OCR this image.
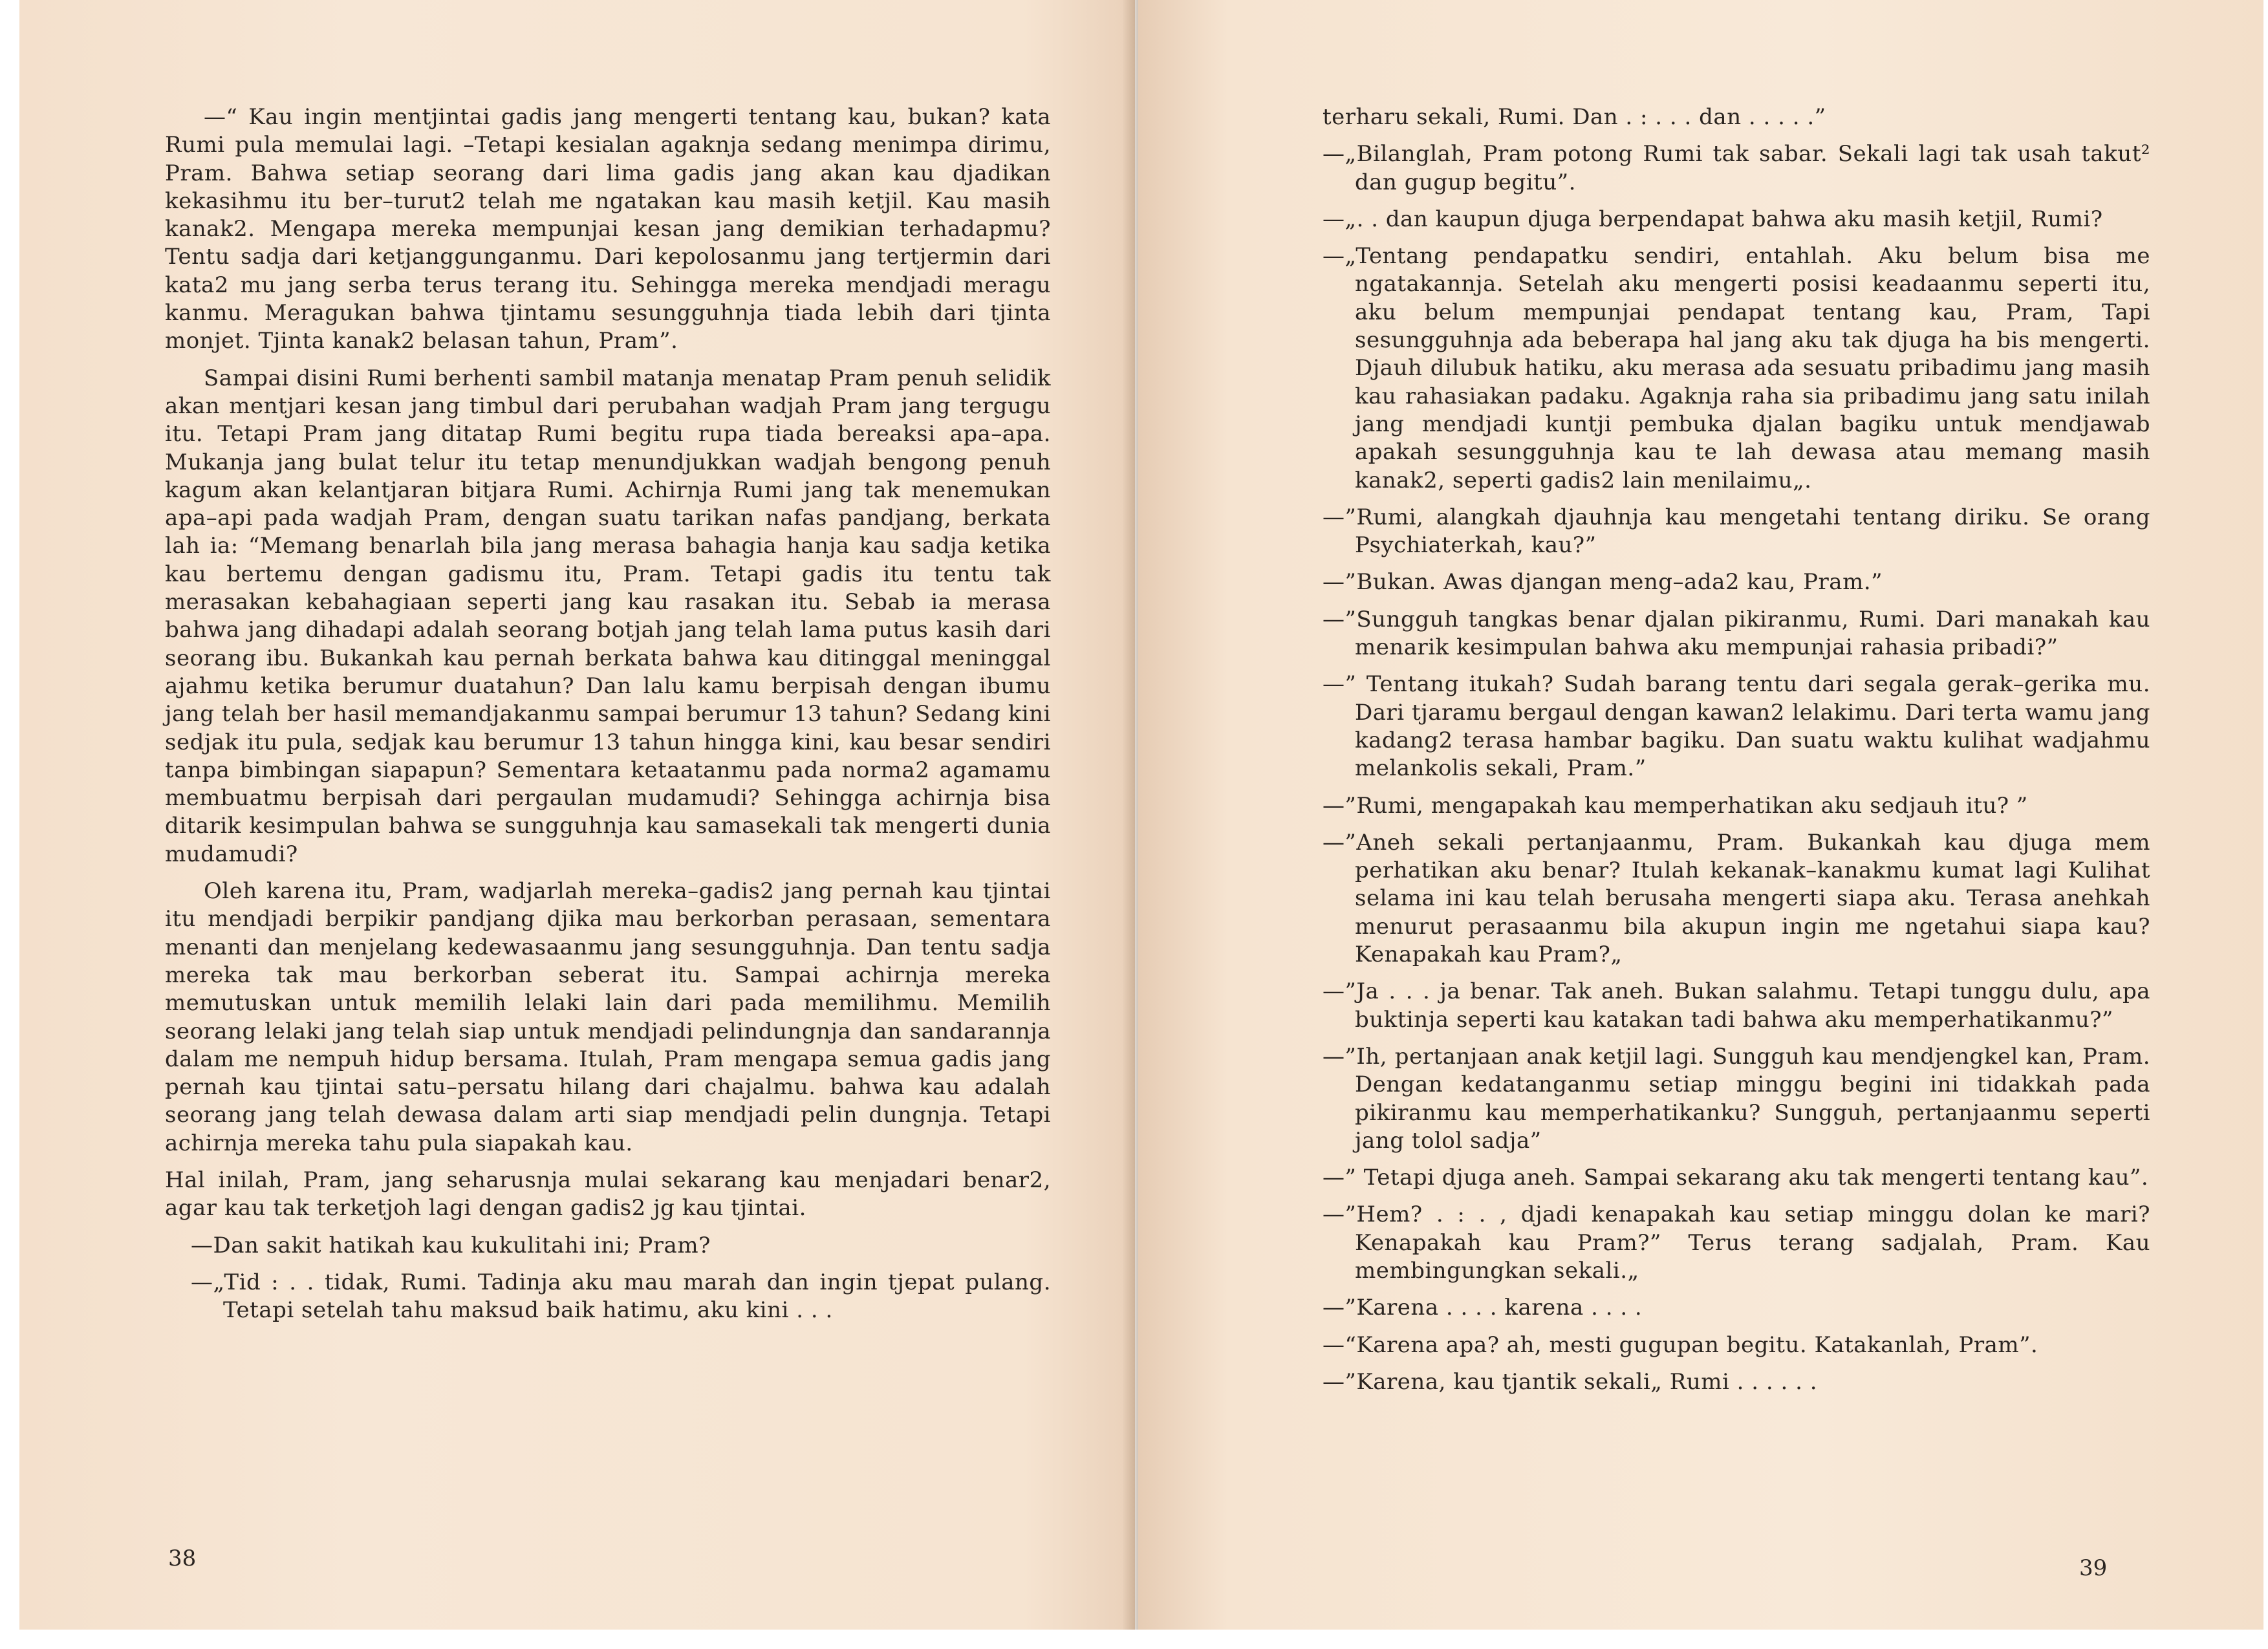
—“ Kau ingin mentjintai gadis jang mengerti tentang kau, bukan? kata Rumi pula memulai lagi. –Tetapi kesialan agaknja sedang menimpa dirimu, Pram. Bahwa setiap seorang dari lima gadis jang akan kau djadikan kekasihmu itu ber–turut2 telah me ngatakan kau masih ketjil. Kau masih kanak2. Mengapa mereka mempunjai kesan jang demikian terhadapmu? Tentu sadja dari ketjanggunganmu. Dari kepolosanmu jang tertjermin dari kata2 mu jang serba terus terang itu. Sehingga mereka mendjadi meragu kanmu. Meragukan bahwa tjintamu sesungguhnja tiada lebih dari tjinta monjet. Tjinta kanak2 belasan tahun, Pram”.

Sampai disini Rumi berhenti sambil matanja menatap Pram penuh selidik akan mentjari kesan jang timbul dari perubahan wadjah Pram jang tergugu itu. Tetapi Pram jang ditatap Rumi begitu rupa tiada bereaksi apa–apa. Mukanja jang bulat telur itu tetap menundjukkan wadjah bengong penuh kagum akan kelantjaran bitjara Rumi. Achirnja Rumi jang tak menemukan apa–api pada wadjah Pram, dengan suatu tarikan nafas pandjang, berkata lah ia: “Memang benarlah bila jang merasa bahagia hanja kau sadja ketika kau bertemu dengan gadismu itu, Pram. Tetapi gadis itu tentu tak merasakan kebahagiaan seperti jang kau rasakan itu. Sebab ia merasa bahwa jang dihadapi adalah seorang botjah jang telah lama putus kasih dari seorang ibu. Bukankah kau pernah berkata bahwa kau ditinggal meninggal ajahmu ketika berumur duatahun? Dan lalu kamu berpisah dengan ibumu jang telah ber hasil memandjakanmu sampai berumur 13 tahun? Sedang kini sedjak itu pula, sedjak kau berumur 13 tahun hingga kini, kau besar sendiri tanpa bimbingan siapapun? Sementara ketaatanmu pada norma2 agamamu membuatmu berpisah dari pergaulan mudamudi? Sehingga achirnja bisa ditarik kesimpulan bahwa se sungguhnja kau samasekali tak mengerti dunia mudamudi?

Oleh karena itu, Pram, wadjarlah mereka–gadis2 jang pernah kau tjintai itu mendjadi berpikir pandjang djika mau berkorban perasaan, sementara menanti dan menjelang kedewasaanmu jang sesungguhnja. Dan tentu sadja mereka tak mau berkorban seberat itu. Sampai achirnja mereka memutuskan untuk memilih lelaki lain dari pada memilihmu. Memilih seorang lelaki jang telah siap untuk mendjadi pelindungnja dan sandarannja dalam me nempuh hidup bersama. Itulah, Pram mengapa semua gadis jang pernah kau tjintai satu–persatu hilang dari chajalmu. bahwa kau adalah seorang jang telah dewasa dalam arti siap mendjadi pelin dungnja. Tetapi achirnja mereka tahu pula siapakah kau.

Hal inilah, Pram, jang seharusnja mulai sekarang kau menjadari benar2, agar kau tak terketjoh lagi dengan gadis2 jg kau tjintai.

—Dan sakit hatikah kau kukulitahi ini; Pram?

—„Tid : . . tidak, Rumi. Tadinja aku mau marah dan ingin tjepat pulang. Tetapi setelah tahu maksud baik hatimu, aku kini . . .

38

terharu sekali, Rumi. Dan . : . . . dan . . . . .”

—„Bilanglah, Pram potong Rumi tak sabar. Sekali lagi tak usah takut² dan gugup begitu”.

—„. . dan kaupun djuga berpendapat bahwa aku masih ketjil, Rumi?

—„Tentang pendapatku sendiri, entahlah. Aku belum bisa me ngatakannja. Setelah aku mengerti posisi keadaanmu seperti itu, aku belum mempunjai pendapat tentang kau, Pram, Tapi sesungguhnja ada beberapa hal jang aku tak djuga ha bis mengerti. Djauh dilubuk hatiku, aku merasa ada sesuatu pribadimu jang masih kau rahasiakan padaku. Agaknja raha sia pribadimu jang satu inilah jang mendjadi kuntji pembuka djalan bagiku untuk mendjawab apakah sesungguhnja kau te lah dewasa atau memang masih kanak2, seperti gadis2 lain menilaimu„.

—”Rumi, alangkah djauhnja kau mengetahi tentang diriku. Se orang Psychiaterkah, kau?”

—”Bukan. Awas djangan meng–ada2 kau, Pram.”

—”Sungguh tangkas benar djalan pikiranmu, Rumi. Dari manakah kau menarik kesimpulan bahwa aku mempunjai rahasia pribadi?”

—” Tentang itukah? Sudah barang tentu dari segala gerak–gerika mu. Dari tjaramu bergaul dengan kawan2 lelakimu. Dari terta wamu jang kadang2 terasa hambar bagiku. Dan suatu waktu kulihat wadjahmu melankolis sekali, Pram.”

—”Rumi, mengapakah kau memperhatikan aku sedjauh itu? ”

—”Aneh sekali pertanjaanmu, Pram. Bukankah kau djuga mem perhatikan aku benar? Itulah kekanak–kanakmu kumat lagi Kulihat selama ini kau telah berusaha mengerti siapa aku. Terasa anehkah menurut perasaanmu bila akupun ingin me ngetahui siapa kau? Kenapakah kau Pram?„

—”Ja . . . ja benar. Tak aneh. Bukan salahmu. Tetapi tunggu dulu, apa buktinja seperti kau katakan tadi bahwa aku memperhatikanmu?”

—”Ih, pertanjaan anak ketjil lagi. Sungguh kau mendjengkel kan, Pram. Dengan kedatanganmu setiap minggu begini ini tidakkah pada pikiranmu kau memperhatikanku? Sungguh, pertanjaanmu seperti jang tolol sadja”

—” Tetapi djuga aneh. Sampai sekarang aku tak mengerti tentang kau”.

—”Hem? . : . , djadi kenapakah kau setiap minggu dolan ke mari? Kenapakah kau Pram?” Terus terang sadjalah, Pram. Kau membingungkan sekali.„

—”Karena . . . . karena . . . .

—“Karena apa? ah, mesti gugupan begitu. Katakanlah, Pram”.

—”Karena, kau tjantik sekali„ Rumi . . . . . .

39
